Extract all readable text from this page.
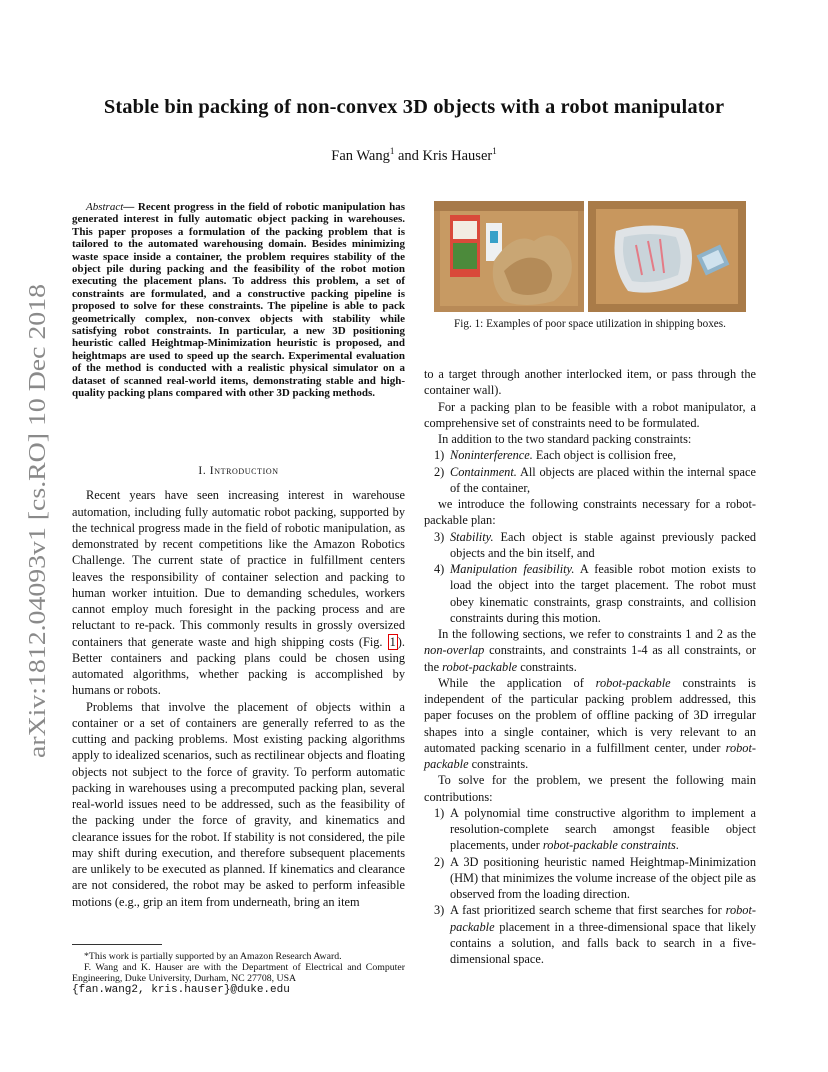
arXiv:1812.04093v1 [cs.RO] 10 Dec 2018
Stable bin packing of non-convex 3D objects with a robot manipulator
Fan Wang$^1$ and Kris Hauser$^1$
Abstract— Recent progress in the field of robotic manipulation has generated interest in fully automatic object packing in warehouses. This paper proposes a formulation of the packing problem that is tailored to the automated warehousing domain. Besides minimizing waste space inside a container, the problem requires stability of the object pile during packing and the feasibility of the robot motion executing the placement plans. To address this problem, a set of constraints are formulated, and a constructive packing pipeline is proposed to solve for these constraints. The pipeline is able to pack geometrically complex, non-convex objects with stability while satisfying robot constraints. In particular, a new 3D positioning heuristic called Heightmap-Minimization heuristic is proposed, and heightmaps are used to speed up the search. Experimental evaluation of the method is conducted with a realistic physical simulator on a dataset of scanned real-world items, demonstrating stable and high-quality packing plans compared with other 3D packing methods.

I. Introduction

Recent years have seen increasing interest in warehouse automation, including fully automatic robot packing, supported by the technical progress made in the field of robotic manipulation, as demonstrated by recent competitions like the Amazon Robotics Challenge. The current state of practice in fulfillment centers leaves the responsibility of container selection and packing to human worker intuition. Due to demanding schedules, workers cannot employ much foresight in the packing process and are reluctant to re-pack. This commonly results in grossly oversized containers that generate waste and high shipping costs (Fig. 1 ). Better containers and packing plans could be chosen using automated algorithms, whether packing is accomplished by humans or robots.

Problems that involve the placement of objects within a container or a set of containers are generally referred to as the cutting and packing problems. Most existing packing algorithms apply to idealized scenarios, such as rectilinear objects and floating objects not subject to the force of gravity. To perform automatic packing in warehouses using a precomputed packing plan, several real-world issues need to be addressed, such as the feasibility of the packing under the force of gravity, and kinematics and clearance issues for the robot. If stability is not considered, the pile may shift during execution, and therefore subsequent placements are unlikely to be executed as planned. If kinematics and clearance are not considered, the robot may be asked to perform infeasible motions (e.g., grip an item from underneath, bring an item

*This work is partially supported by an Amazon Research Award.
F. Wang and K. Hauser are with the Department of Electrical and Computer Engineering, Duke University, Durham, NC 27708, USA
{fan.wang2, kris.hauser}@duke.edu
Fig. 1: Examples of poor space utilization in shipping boxes.

to a target through another interlocked item, or pass through the container wall).

For a packing plan to be feasible with a robot manipulator, a comprehensive set of constraints need to be formulated.

In addition to the two standard packing constraints:

1) Noninterference. Each object is collision free,
2) Containment. All objects are placed within the internal space of the container,

we introduce the following constraints necessary for a robot-packable plan:

3) Stability. Each object is stable against previously packed objects and the bin itself, and
4) Manipulation feasibility. A feasible robot motion exists to load the object into the target placement. The robot must obey kinematic constraints, grasp constraints, and collision constraints during this motion.

In the following sections, we refer to constraints 1 and 2 as the non-overlap constraints, and constraints 1-4 as all constraints, or the robot-packable constraints.

While the application of robot-packable constraints is independent of the particular packing problem addressed, this paper focuses on the problem of offline packing of 3D irregular shapes into a single container, which is very relevant to an automated packing scenario in a fulfillment center, under robot-packable constraints.

To solve for the problem, we present the following main contributions:

1) A polynomial time constructive algorithm to implement a resolution-complete search amongst feasible object placements, under robot-packable constraints.
2) A 3D positioning heuristic named Heightmap-Minimization (HM) that minimizes the volume increase of the object pile as observed from the loading direction.
3) A fast prioritized search scheme that first searches for robot-packable placement in a three-dimensional space that likely contains a solution, and falls back to search in a five-dimensional space.
